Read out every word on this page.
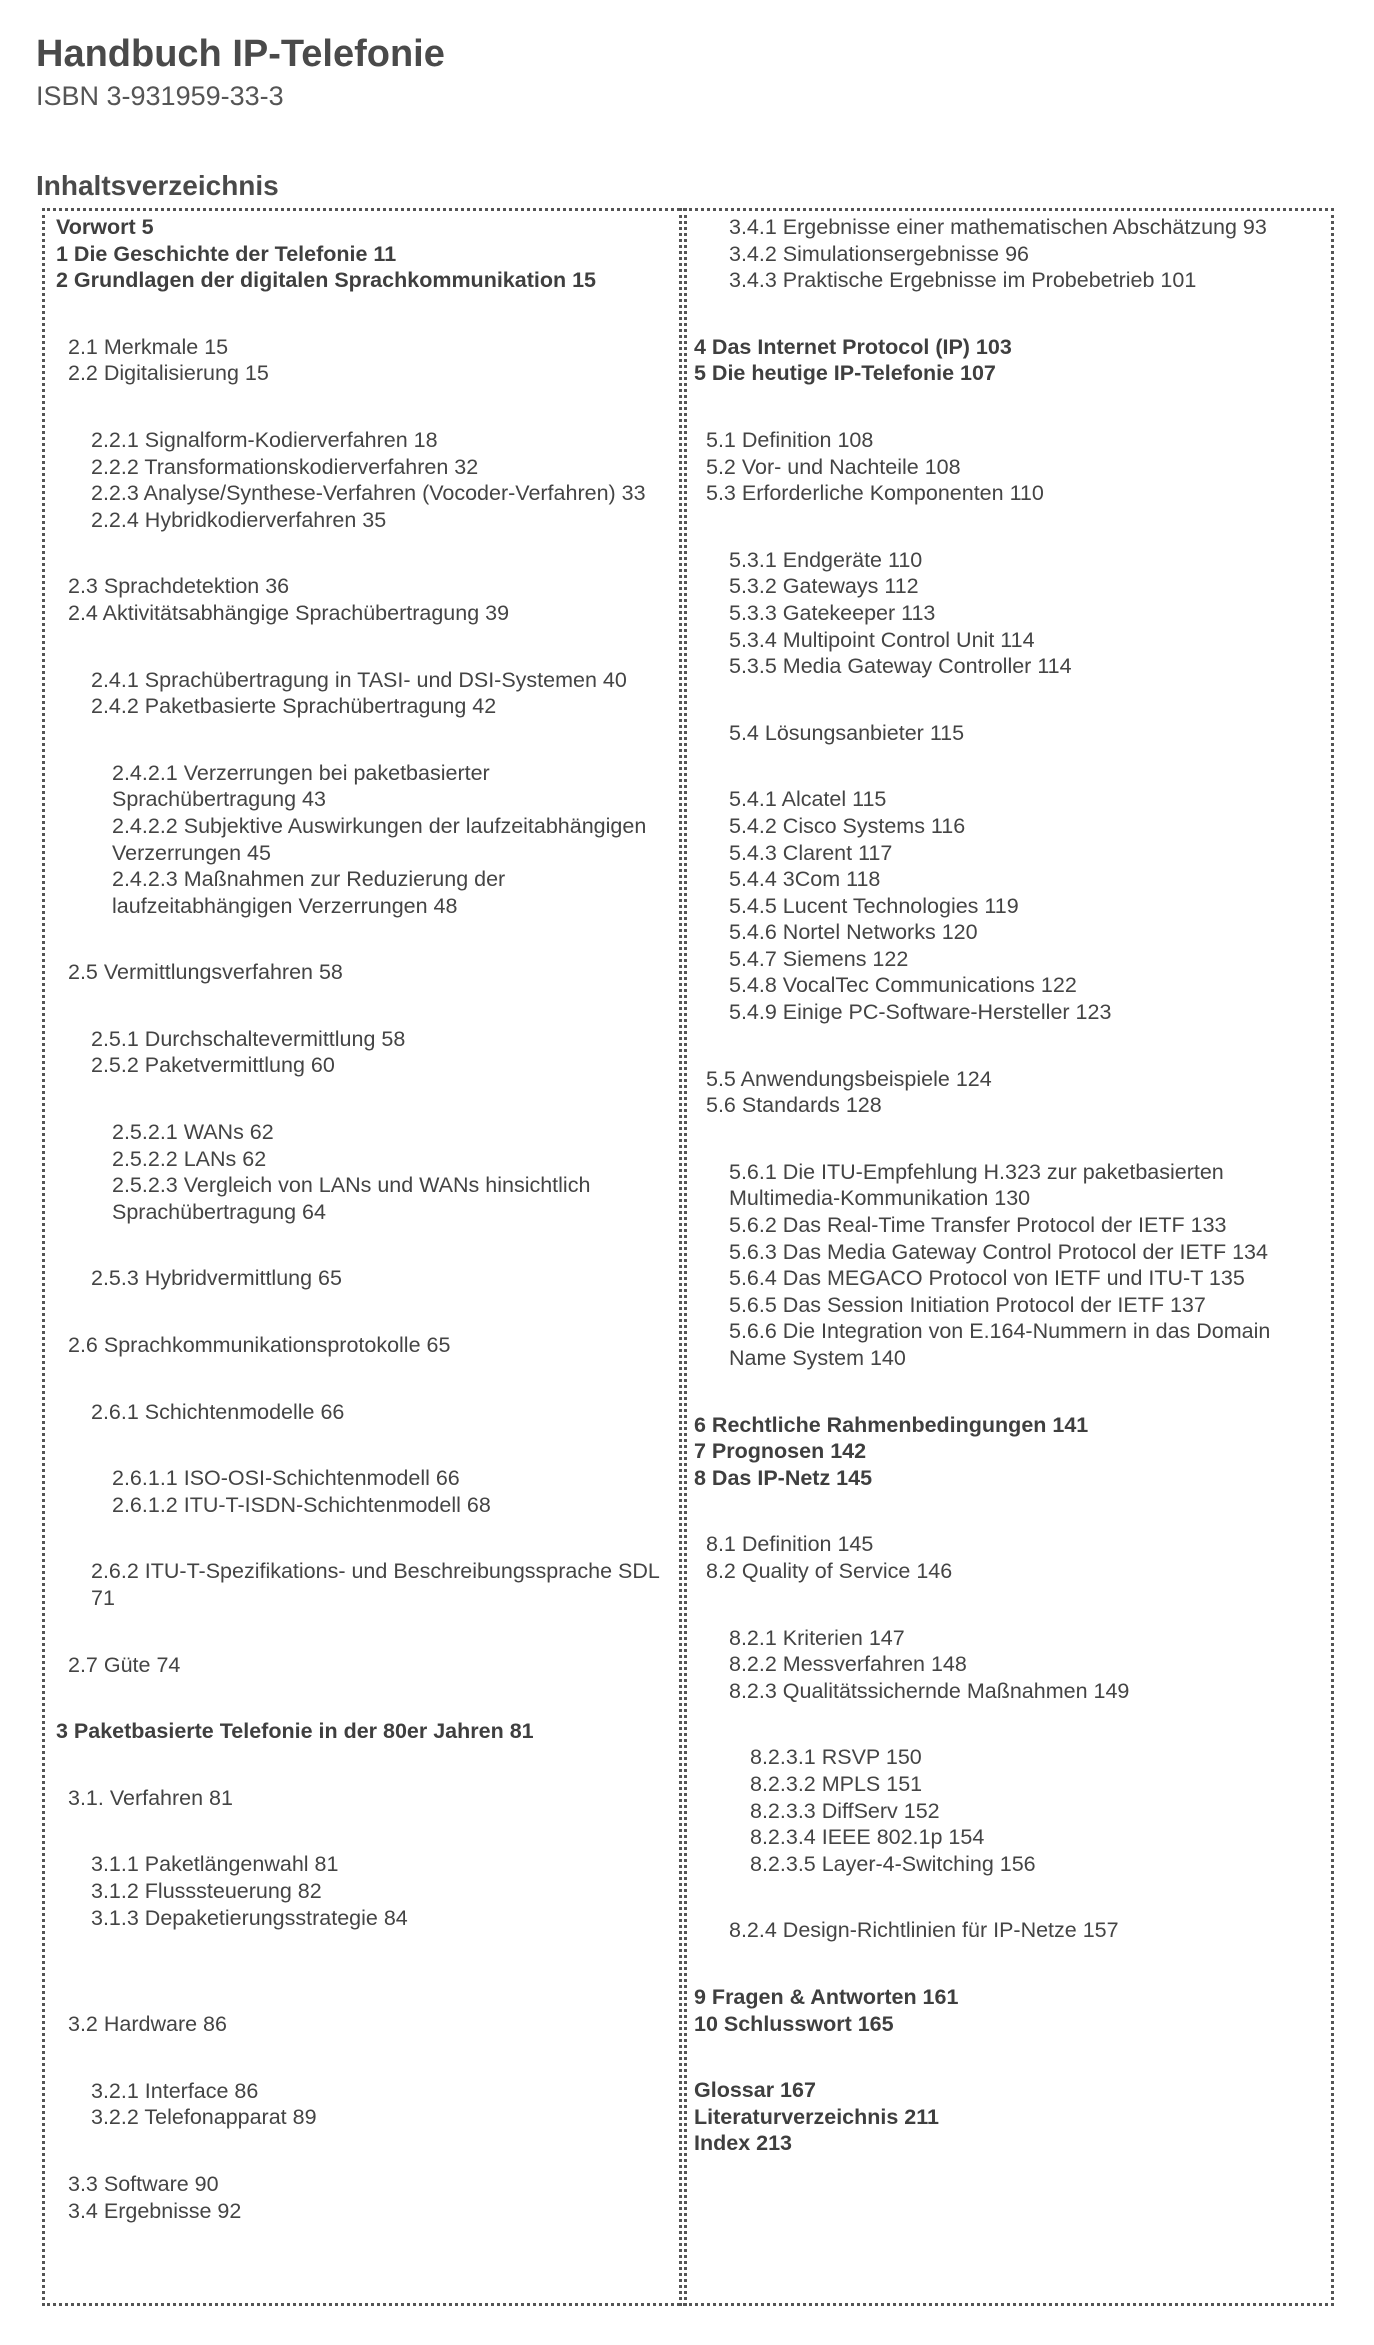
Handbuch IP-Telefonie

ISBN 3-931959-33-3

Inhaltsverzeichnis
Vorwort 5
1 Die Geschichte der Telefonie 11
2 Grundlagen der digitalen Sprachkommunikation 15
2.1 Merkmale 15
2.2 Digitalisierung 15
2.2.1 Signalform-Kodierverfahren 18
2.2.2 Transformationskodierverfahren 32
2.2.3 Analyse/Synthese-Verfahren (Vocoder-Verfahren) 33
2.2.4 Hybridkodierverfahren 35
2.3 Sprachdetektion 36
2.4 Aktivitätsabhängige Sprachübertragung 39
2.4.1 Sprachübertragung in TASI- und DSI-Systemen 40
2.4.2 Paketbasierte Sprachübertragung 42
2.4.2.1 Verzerrungen bei paketbasierter Sprachübertragung 43
2.4.2.2 Subjektive Auswirkungen der laufzeitabhängigen Verzerrungen 45
2.4.2.3 Maßnahmen zur Reduzierung der laufzeitabhängigen Verzerrungen 48
2.5 Vermittlungsverfahren 58
2.5.1 Durchschaltevermittlung 58
2.5.2 Paketvermittlung 60
2.5.2.1 WANs 62
2.5.2.2 LANs 62
2.5.2.3 Vergleich von LANs und WANs hinsichtlich Sprachübertragung 64
2.5.3 Hybridvermittlung 65
2.6 Sprachkommunikationsprotokolle 65
2.6.1 Schichtenmodelle 66
2.6.1.1 ISO-OSI-Schichtenmodell 66
2.6.1.2 ITU-T-ISDN-Schichtenmodell 68
2.6.2 ITU-T-Spezifikations- und Beschreibungssprache SDL 71
2.7 Güte 74
3 Paketbasierte Telefonie in der 80er Jahren 81
3.1. Verfahren 81
3.1.1 Paketlängenwahl 81
3.1.2 Flusssteuerung 82
3.1.3 Depaketierungsstrategie 84
3.2 Hardware 86
3.2.1 Interface 86
3.2.2 Telefonapparat 89
3.3 Software 90
3.4 Ergebnisse 92
3.4.1 Ergebnisse einer mathematischen Abschätzung 93
3.4.2 Simulationsergebnisse 96
3.4.3 Praktische Ergebnisse im Probebetrieb 101
4 Das Internet Protocol (IP) 103
5 Die heutige IP-Telefonie 107
5.1 Definition 108
5.2 Vor- und Nachteile 108
5.3 Erforderliche Komponenten 110
5.3.1 Endgeräte 110
5.3.2 Gateways 112
5.3.3 Gatekeeper 113
5.3.4 Multipoint Control Unit 114
5.3.5 Media Gateway Controller 114
5.4 Lösungsanbieter 115
5.4.1 Alcatel 115
5.4.2 Cisco Systems 116
5.4.3 Clarent 117
5.4.4 3Com 118
5.4.5 Lucent Technologies 119
5.4.6 Nortel Networks 120
5.4.7 Siemens 122
5.4.8 VocalTec Communications 122
5.4.9 Einige PC-Software-Hersteller 123
5.5 Anwendungsbeispiele 124
5.6 Standards 128
5.6.1 Die ITU-Empfehlung H.323 zur paketbasierten Multimedia-Kommunikation 130
5.6.2 Das Real-Time Transfer Protocol der IETF 133
5.6.3 Das Media Gateway Control Protocol der IETF 134
5.6.4 Das MEGACO Protocol von IETF und ITU-T 135
5.6.5 Das Session Initiation Protocol der IETF 137
5.6.6 Die Integration von E.164-Nummern in das Domain Name System 140
6 Rechtliche Rahmenbedingungen 141
7 Prognosen 142
8 Das IP-Netz 145
8.1 Definition 145
8.2 Quality of Service 146
8.2.1 Kriterien 147
8.2.2 Messverfahren 148
8.2.3 Qualitätssichernde Maßnahmen 149
8.2.3.1 RSVP 150
8.2.3.2 MPLS 151
8.2.3.3 DiffServ 152
8.2.3.4 IEEE 802.1p 154
8.2.3.5 Layer-4-Switching 156
8.2.4 Design-Richtlinien für IP-Netze 157
9 Fragen & Antworten 161
10 Schlusswort 165
Glossar 167
Literaturverzeichnis 211
Index 213
